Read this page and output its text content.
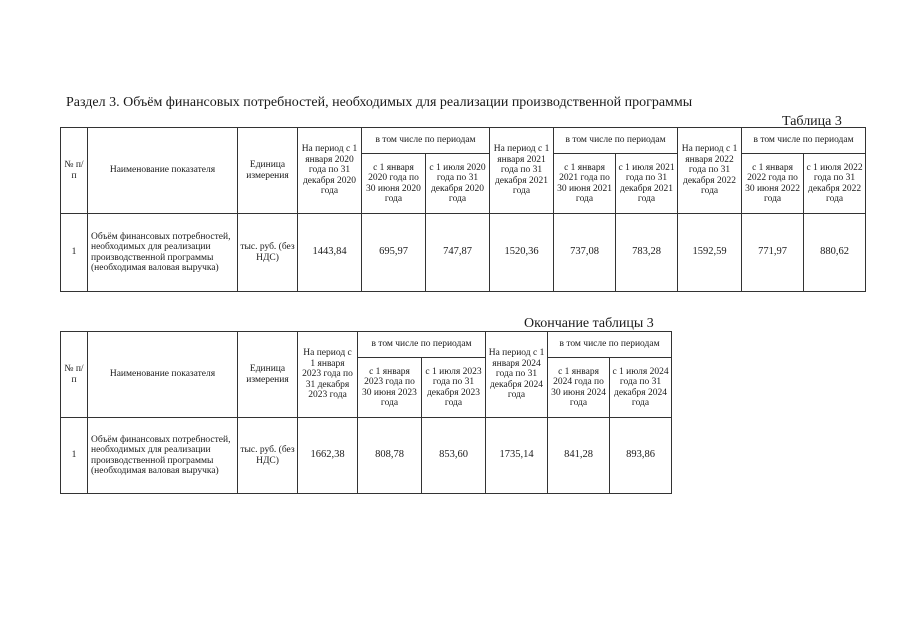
Раздел 3. Объём финансовых потребностей, необходимых для реализации производственной программы
Таблица 3
№ п/п	Наименование показателя	Единица измерения	На период с 1 января 2020 года по 31 декабря 2020 года	в том числе по периодам		На период с 1 января 2021 года по 31 декабря 2021 года	в том числе по периодам		На период с 1 января 2022 года по 31 декабря 2022 года	в том числе по периодам	
				с 1 января 2020 года по 30 июня 2020 года	с 1 июля 2020 года по 31 декабря 2020 года		с 1 января 2021 года по 30 июня 2021 года	с 1 июля 2021 года по 31 декабря 2021 года		с 1 января 2022 года по 30 июня 2022 года	с 1 июля 2022 года по 31 декабря 2022 года
1	Объём финансовых потребностей, необходимых для реализации производственной программы (необходимая валовая выручка)	тыс. руб. (без НДС)	1443,84	695,97	747,87	1520,36	737,08	783,28	1592,59	771,97	880,62
Окончание таблицы 3
№ п/п	Наименование показателя	Единица измерения	На период с 1 января 2023 года по 31 декабря 2023 года	в том числе по периодам		На период с 1 января 2024 года по 31 декабря 2024 года	в том числе по периодам	
				с 1 января 2023 года по 30 июня 2023 года	с 1 июля 2023 года по 31 декабря 2023 года		с 1 января 2024 года по 30 июня 2024 года	с 1 июля 2024 года по 31 декабря 2024 года
1	Объём финансовых потребностей, необходимых для реализации производственной программы (необходимая валовая выручка)	тыс. руб. (без НДС)	1662,38	808,78	853,60	1735,14	841,28	893,86
